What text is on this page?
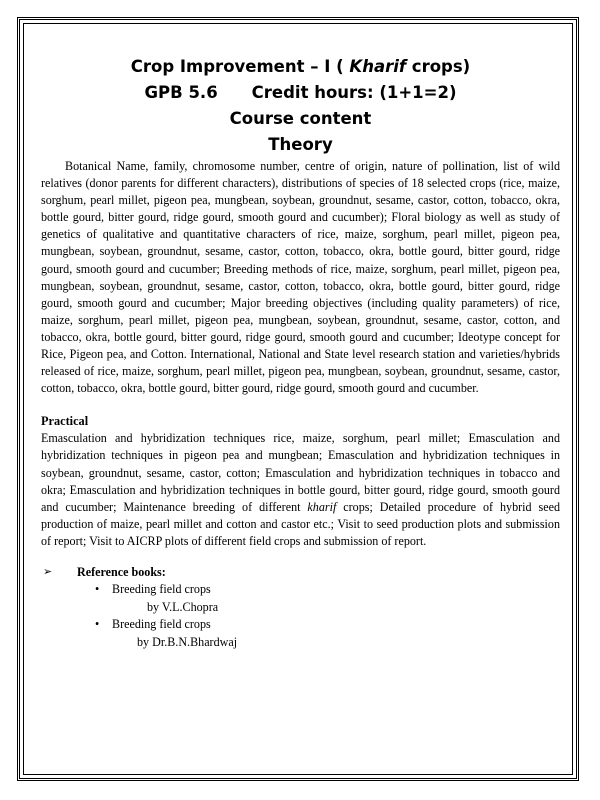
Crop Improvement – I ( Kharif crops)
GPB 5.6 Credit hours: (1+1=2)
Course content
Theory

Botanical Name, family, chromosome number, centre of origin, nature of pollination, list of wild relatives (donor parents for different characters), distributions of species of 18 selected crops (rice, maize, sorghum, pearl millet, pigeon pea, mungbean, soybean, groundnut, sesame, castor, cotton, tobacco, okra, bottle gourd, bitter gourd, ridge gourd, smooth gourd and cucumber); Floral biology as well as study of genetics of qualitative and quantitative characters of rice, maize, sorghum, pearl millet, pigeon pea, mungbean, soybean, groundnut, sesame, castor, cotton, tobacco, okra, bottle gourd, bitter gourd, ridge gourd, smooth gourd and cucumber; Breeding methods of rice, maize, sorghum, pearl millet, pigeon pea, mungbean, soybean, groundnut, sesame, castor, cotton, tobacco, okra, bottle gourd, bitter gourd, ridge gourd, smooth gourd and cucumber; Major breeding objectives (including quality parameters) of rice, maize, sorghum, pearl millet, pigeon pea, mungbean, soybean, groundnut, sesame, castor, cotton, and tobacco, okra, bottle gourd, bitter gourd, ridge gourd, smooth gourd and cucumber; Ideotype concept for Rice, Pigeon pea, and Cotton. International, National and State level research station and varieties/hybrids released of rice, maize, sorghum, pearl millet, pigeon pea, mungbean, soybean, groundnut, sesame, castor, cotton, tobacco, okra, bottle gourd, bitter gourd, ridge gourd, smooth gourd and cucumber.

Practical

Emasculation and hybridization techniques rice, maize, sorghum, pearl millet; Emasculation and hybridization techniques in pigeon pea and mungbean; Emasculation and hybridization techniques in soybean, groundnut, sesame, castor, cotton; Emasculation and hybridization techniques in tobacco and okra; Emasculation and hybridization techniques in bottle gourd, bitter gourd, ridge gourd, smooth gourd and cucumber; Maintenance breeding of different kharif crops; Detailed procedure of hybrid seed production of maize, pearl millet and cotton and castor etc.; Visit to seed production plots and submission of report; Visit to AICRP plots of different field crops and submission of report.

➢	Reference books:
•	Breeding field crops
by V.L.Chopra
•	Breeding field crops
by Dr.B.N.Bhardwaj
